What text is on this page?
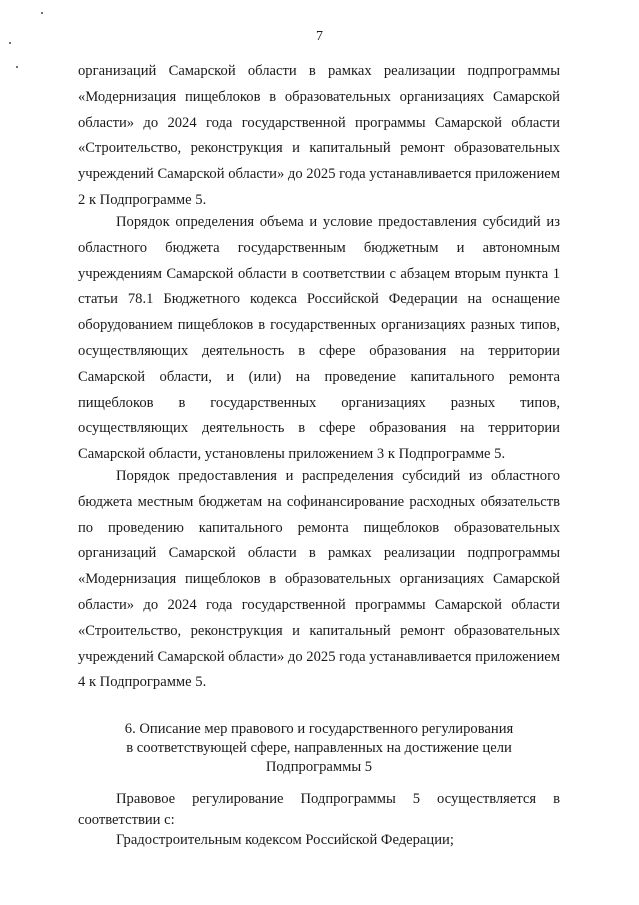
7

организаций Самарской области в рамках реализации подпрограммы «Модернизация пищеблоков в образовательных организациях Самарской области» до 2024 года государственной программы Самарской области «Строительство, реконструкция и капитальный ремонт образовательных учреждений Самарской области» до 2025 года устанавливается приложением 2 к Подпрограмме 5.

Порядок определения объема и условие предоставления субсидий из областного бюджета государственным бюджетным и автономным учреждениям Самарской области в соответствии с абзацем вторым пункта 1 статьи 78.1 Бюджетного кодекса Российской Федерации на оснащение оборудованием пищеблоков в государственных организациях разных типов, осуществляющих деятельность в сфере образования на территории Самарской области, и (или) на проведение капитального ремонта пищеблоков в государственных организациях разных типов, осуществляющих деятельность в сфере образования на территории Самарской области, установлены приложением 3 к Подпрограмме 5.

Порядок предоставления и распределения субсидий из областного бюджета местным бюджетам на софинансирование расходных обязательств по проведению капитального ремонта пищеблоков образовательных организаций Самарской области в рамках реализации подпрограммы «Модернизация пищеблоков в образовательных организациях Самарской области» до 2024 года государственной программы Самарской области «Строительство, реконструкция и капитальный ремонт образовательных учреждений Самарской области» до 2025 года устанавливается приложением 4 к Подпрограмме 5.

6. Описание мер правового и государственного регулирования
в соответствующей сфере, направленных на достижение цели
Подпрограммы 5

Правовое регулирование Подпрограммы 5 осуществляется в соответствии с:

Градостроительным кодексом Российской Федерации;
